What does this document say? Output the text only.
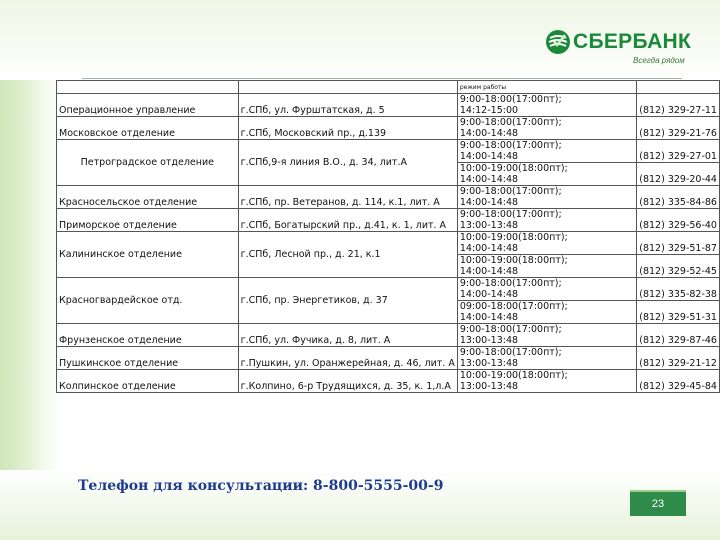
СБЕРБАНК
Всегда рядом
		режим работы	
Операционное управление	г.СПб, ул. Фурштатская, д. 5	9:00-18:00(17:00пт);
14:12-15:00	(812) 329-27-11
Московское отделение	г.СПб, Московский пр., д.139	9:00-18:00(17:00пт);
14:00-14:48	(812) 329-21-76
Петроградское отделение	г.СПб,9-я линия В.О., д. 34, лит.А	9:00-18:00(17:00пт);
14:00-14:48	(812) 329-27-01
		10:00-19:00(18:00пт);
14:00-14:48	(812) 329-20-44
Красносельское отделение	г.СПб, пр. Ветеранов, д. 114, к.1, лит. А	9:00-18:00(17:00пт);
14:00-14:48	(812) 335-84-86
Приморское отделение	г.СПб, Богатырский пр., д.41, к. 1, лит. А	9:00-18:00(17:00пт);
13:00-13:48	(812) 329-56-40
Калининское отделение	г.СПб, Лесной пр., д. 21, к.1	10:00-19:00(18:00пт);
14:00-14:48	(812) 329-51-87
		10:00-19:00(18:00пт);
14:00-14:48	(812) 329-52-45
Красногвардейское отд.	г.СПб, пр. Энергетиков, д. 37	9:00-18:00(17:00пт);
14:00-14:48	(812) 335-82-38
		09:00-18:00(17:00пт);
14:00-14:48	(812) 329-51-31
Фрунзенское отделение	г.СПб, ул. Фучика, д. 8, лит. А	9:00-18:00(17:00пт);
13:00-13:48	(812) 329-87-46
Пушкинское отделение	г.Пушкин, ул. Оранжерейная, д. 46, лит. А	9:00-18:00(17:00пт);
13:00-13:48	(812) 329-21-12
Колпинское отделение	г.Колпино, 6-р Трудящихся, д. 35, к. 1,л.А	10:00-19:00(18:00пт);
13:00-13:48	(812) 329-45-84
Телефон для консультации: 8-800-5555-00-9
23
